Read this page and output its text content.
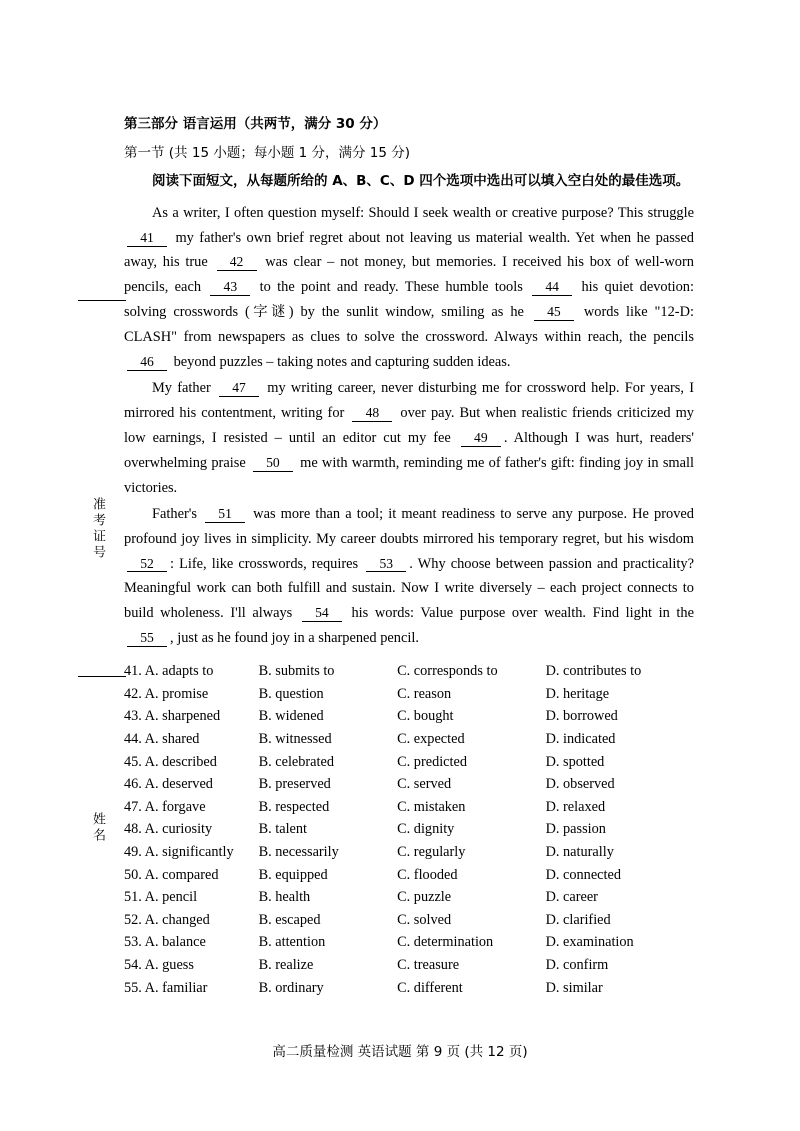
准考证号
姓名
第三部分 语言运用（共两节，满分 30 分）
第一节 (共 15 小题；每小题 1 分，满分 15 分)
阅读下面短文，从每题所给的 A、B、C、D 四个选项中选出可以填入空白处的最佳选项。
As a writer, I often question myself: Should I seek wealth or creative purpose? This struggle 41 my father's own brief regret about not leaving us material wealth. Yet when he passed away, his true 42 was clear – not money, but memories. I received his box of well-worn pencils, each 43 to the point and ready. These humble tools 44 his quiet devotion: solving crosswords (字谜) by the sunlit window, smiling as he 45 words like "12-D: CLASH" from newspapers as clues to solve the crossword. Always within reach, the pencils 46 beyond puzzles – taking notes and capturing sudden ideas.
My father 47 my writing career, never disturbing me for crossword help. For years, I mirrored his contentment, writing for 48 over pay. But when realistic friends criticized my low earnings, I resisted – until an editor cut my fee 49 . Although I was hurt, readers' overwhelming praise 50 me with warmth, reminding me of father's gift: finding joy in small victories.
Father's 51 was more than a tool; it meant readiness to serve any purpose. He proved profound joy lives in simplicity. My career doubts mirrored his temporary regret, but his wisdom 52 : Life, like crosswords, requires 53 . Why choose between passion and practicality? Meaningful work can both fulfill and sustain. Now I write diversely – each project connects to build wholeness. I'll always 54 his words: Value purpose over wealth. Find light in the 55 , just as he found joy in a sharpened pencil.
41. A. adapts to	B. submits to	C. corresponds to	D. contributes to
42. A. promise	B. question	C. reason	D. heritage
43. A. sharpened	B. widened	C. bought	D. borrowed
44. A. shared	B. witnessed	C. expected	D. indicated
45. A. described	B. celebrated	C. predicted	D. spotted
46. A. deserved	B. preserved	C. served	D. observed
47. A. forgave	B. respected	C. mistaken	D. relaxed
48. A. curiosity	B. talent	C. dignity	D. passion
49. A. significantly	B. necessarily	C. regularly	D. naturally
50. A. compared	B. equipped	C. flooded	D. connected
51. A. pencil	B. health	C. puzzle	D. career
52. A. changed	B. escaped	C. solved	D. clarified
53. A. balance	B. attention	C. determination	D. examination
54. A. guess	B. realize	C. treasure	D. confirm
55. A. familiar	B. ordinary	C. different	D. similar
高二质量检测 英语试题 第 9 页 (共 12 页)
